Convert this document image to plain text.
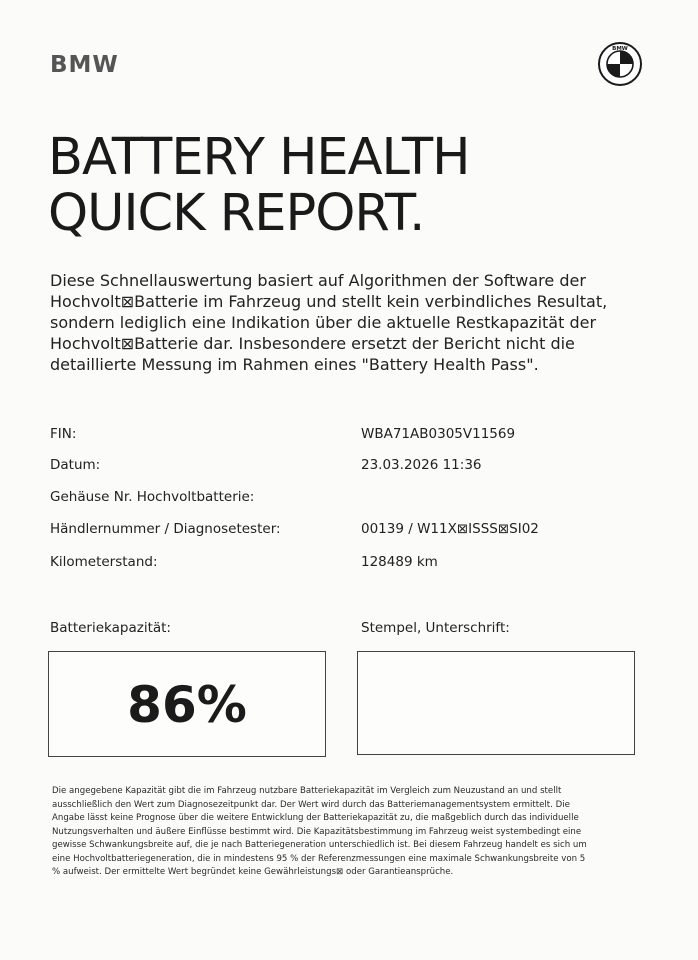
BMW
BMW
BATTERY HEALTH
QUICK REPORT.

Diese Schnellauswertung basiert auf Algorithmen der Software der
Hochvolt⊠Batterie im Fahrzeug und stellt kein verbindliches Resultat,
sondern lediglich eine Indikation über die aktuelle Restkapazität der
Hochvolt⊠Batterie dar. Insbesondere ersetzt der Bericht nicht die
detaillierte Messung im Rahmen eines "Battery Health Pass".

FIN:	WBA71AB0305V11569
Datum:	23.03.2026 11:36
Gehäuse Nr. Hochvoltbatterie:
Händlernummer / Diagnosetester:	00139 / W11X⊠ISSS⊠SI02
Kilometerstand:	128489 km
Batteriekapazität:	Stempel, Unterschrift:
86%

Die angegebene Kapazität gibt die im Fahrzeug nutzbare Batteriekapazität im Vergleich zum Neuzustand an und stellt
ausschließlich den Wert zum Diagnosezeitpunkt dar. Der Wert wird durch das Batteriemanagementsystem ermittelt. Die
Angabe lässt keine Prognose über die weitere Entwicklung der Batteriekapazität zu, die maßgeblich durch das individuelle
Nutzungsverhalten und äußere Einflüsse bestimmt wird. Die Kapazitätsbestimmung im Fahrzeug weist systembedingt eine
gewisse Schwankungsbreite auf, die je nach Batteriegeneration unterschiedlich ist. Bei diesem Fahrzeug handelt es sich um
eine Hochvoltbatteriegeneration, die in mindestens 95 % der Referenzmessungen eine maximale Schwankungsbreite von 5
% aufweist. Der ermittelte Wert begründet keine Gewährleistungs⊠ oder Garantieansprüche.
